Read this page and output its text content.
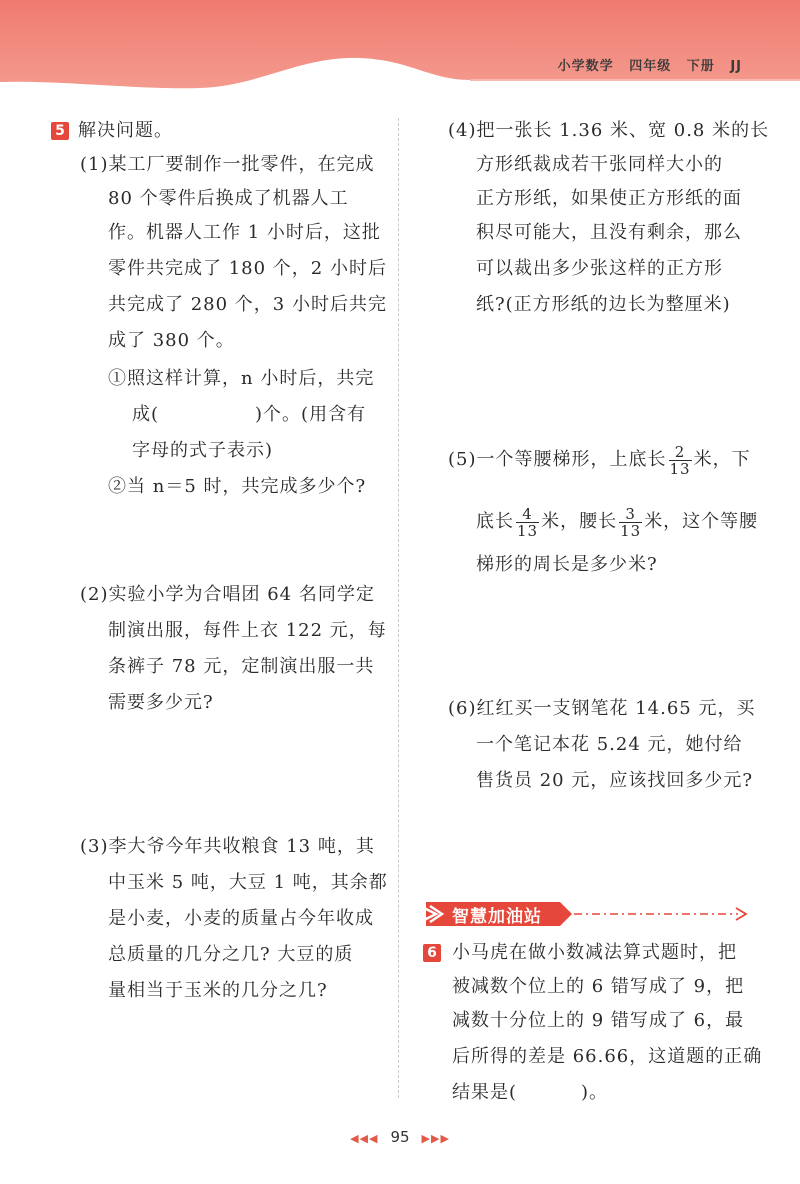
小学数学 四年级 下册 JJ
5 解决问题。
(1)某工厂要制作一批零件，在完成
80 个零件后换成了机器人工
作。机器人工作 1 小时后，这批
零件共完成了 180 个，2 小时后
共完成了 280 个，3 小时后共完
成了 380 个。
①照这样计算，n 小时后，共完
成(	)个。(用含有
字母的式子表示)
②当 n＝5 时，共完成多少个?
(2)实验小学为合唱团 64 名同学定
制演出服，每件上衣 122 元，每
条裤子 78 元，定制演出服一共
需要多少元?
(3)李大爷今年共收粮食 13 吨，其
中玉米 5 吨，大豆 1 吨，其余都
是小麦，小麦的质量占今年收成
总质量的几分之几? 大豆的质
量相当于玉米的几分之几?
(4)把一张长 1.36 米、宽 0.8 米的长
方形纸裁成若干张同样大小的
正方形纸，如果使正方形纸的面
积尽可能大，且没有剩余，那么
可以裁出多少张这样的正方形
纸?(正方形纸的边长为整厘米)
(5)一个等腰梯形，上底长 $\frac{2}{13}$ 米，下
底长 $\frac{4}{13}$ 米，腰长 $\frac{3}{13}$ 米，这个等腰
梯形的周长是多少米?
(6)红红买一支钢笔花 14.65 元，买
一个笔记本花 5.24 元，她付给
售货员 20 元，应该找回多少元?
智慧加油站
6 小马虎在做小数减法算式题时，把
被减数个位上的 6 错写成了 9，把
减数十分位上的 9 错写成了 6，最
后所得的差是 66.66，这道题的正确
结果是(	)。
◀◀◀ 95 ▶▶▶
